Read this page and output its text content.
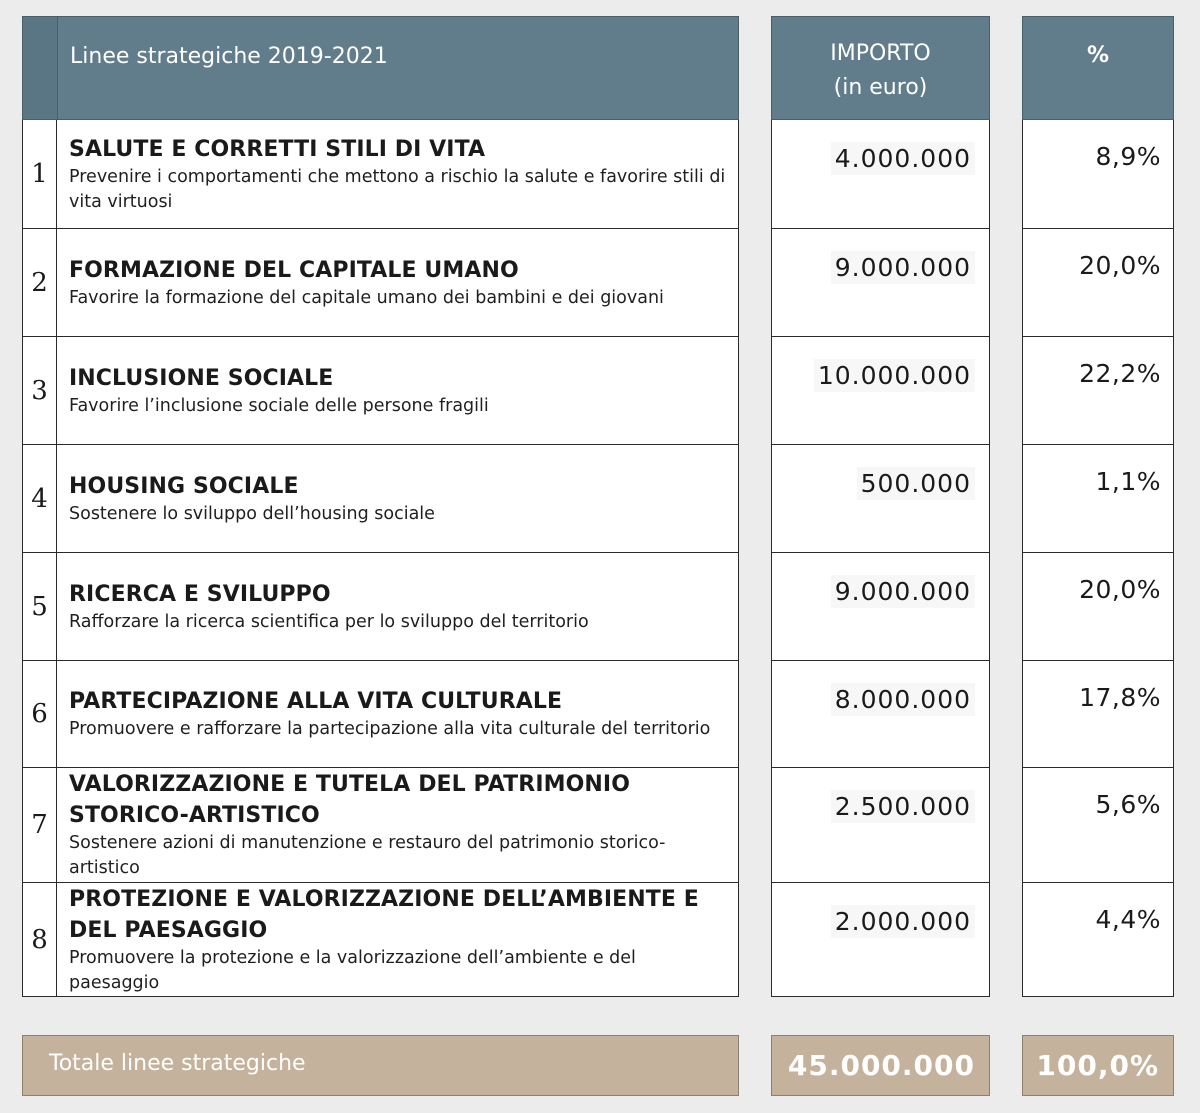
Linee strategiche 2019-2021	IMPORTO
(in euro)
%
1
SALUTE E CORRETTI STILI DI VITA
Prevenire i comportamenti che mettono a rischio la salute e favorire stili di vita virtuosi
2 FORMAZIONE DEL CAPITALE UMANO
Favorire la formazione del capitale umano dei bambini e dei giovani
3 INCLUSIONE SOCIALE
Favorire l’inclusione sociale delle persone fragili
4 HOUSING SOCIALE
Sostenere lo sviluppo dell’housing sociale
5 RICERCA E SVILUPPO
Rafforzare la ricerca scientifica per lo sviluppo del territorio
6 PARTECIPAZIONE ALLA VITA CULTURALE
Promuovere e rafforzare la partecipazione alla vita culturale del territorio
7
VALORIZZAZIONE E TUTELA DEL PATRIMONIO STORICO-ARTISTICO
Sostenere azioni di manutenzione e restauro del patrimonio storico-artistico
8
PROTEZIONE E VALORIZZAZIONE DELL’AMBIENTE E DEL PAESAGGIO
Promuovere la protezione e la valorizzazione dell’ambiente e del paesaggio
4.000.000
9.000.000
10.000.000
500.000
9.000.000
8.000.000
2.500.000
2.000.000
8,9%
20,0%
22,2%
1,1%
20,0%
17,8%
5,6%
4,4%
Totale linee strategiche	45.000.000 100,0%
